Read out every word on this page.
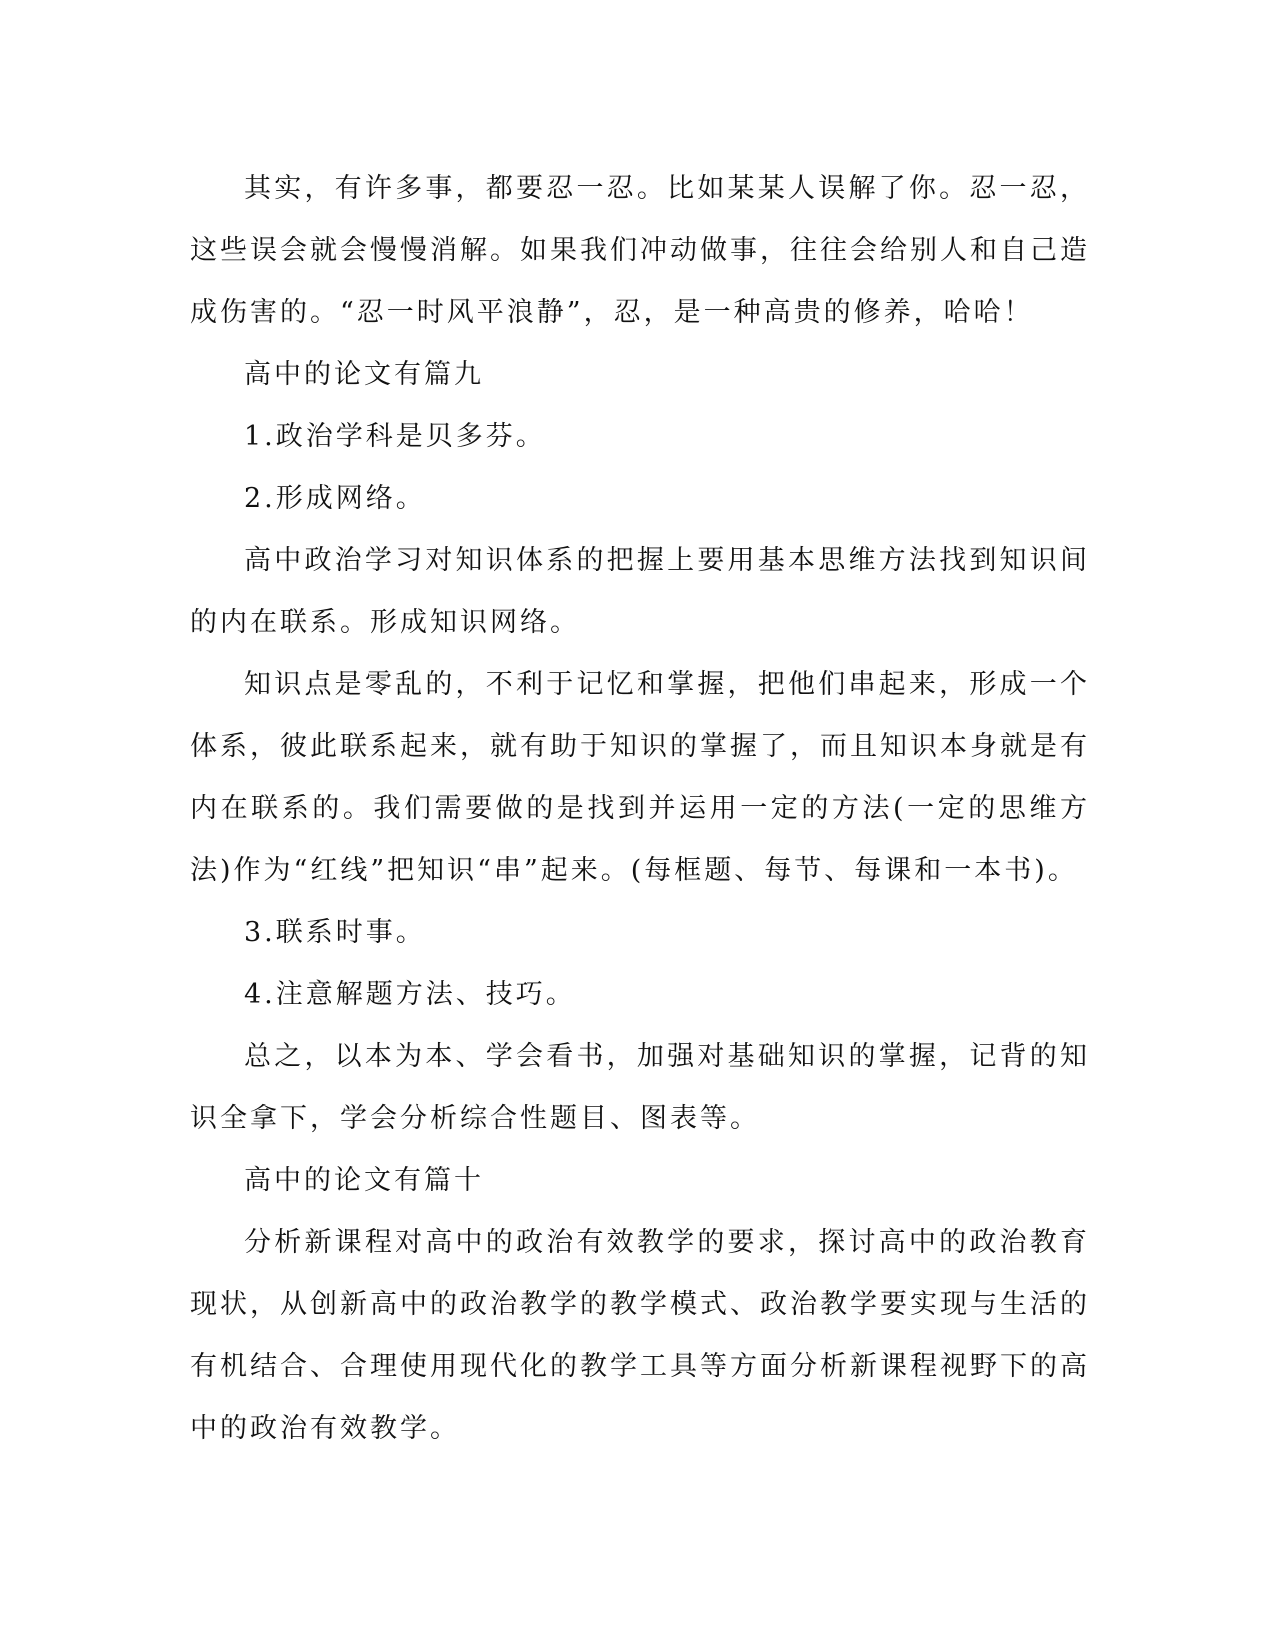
其实，有许多事，都要忍一忍。比如某某人误解了你。忍一忍，这些误会就会慢慢消解。如果我们冲动做事，往往会给别人和自己造成伤害的。“忍一时风平浪静”，忍，是一种高贵的修养，哈哈！

高中的论文有篇九

1.政治学科是贝多芬。

2.形成网络。

高中政治学习对知识体系的把握上要用基本思维方法找到知识间的内在联系。形成知识网络。

知识点是零乱的，不利于记忆和掌握，把他们串起来，形成一个体系，彼此联系起来，就有助于知识的掌握了，而且知识本身就是有内在联系的。我们需要做的是找到并运用一定的方法(一定的思维方法)作为“红线”把知识“串”起来。(每框题、每节、每课和一本书)。

3.联系时事。

4.注意解题方法、技巧。

总之，以本为本、学会看书，加强对基础知识的掌握，记背的知识全拿下，学会分析综合性题目、图表等。

高中的论文有篇十

分析新课程对高中的政治有效教学的要求，探讨高中的政治教育现状，从创新高中的政治教学的教学模式、政治教学要实现与生活的有机结合、合理使用现代化的教学工具等方面分析新课程视野下的高中的政治有效教学。
